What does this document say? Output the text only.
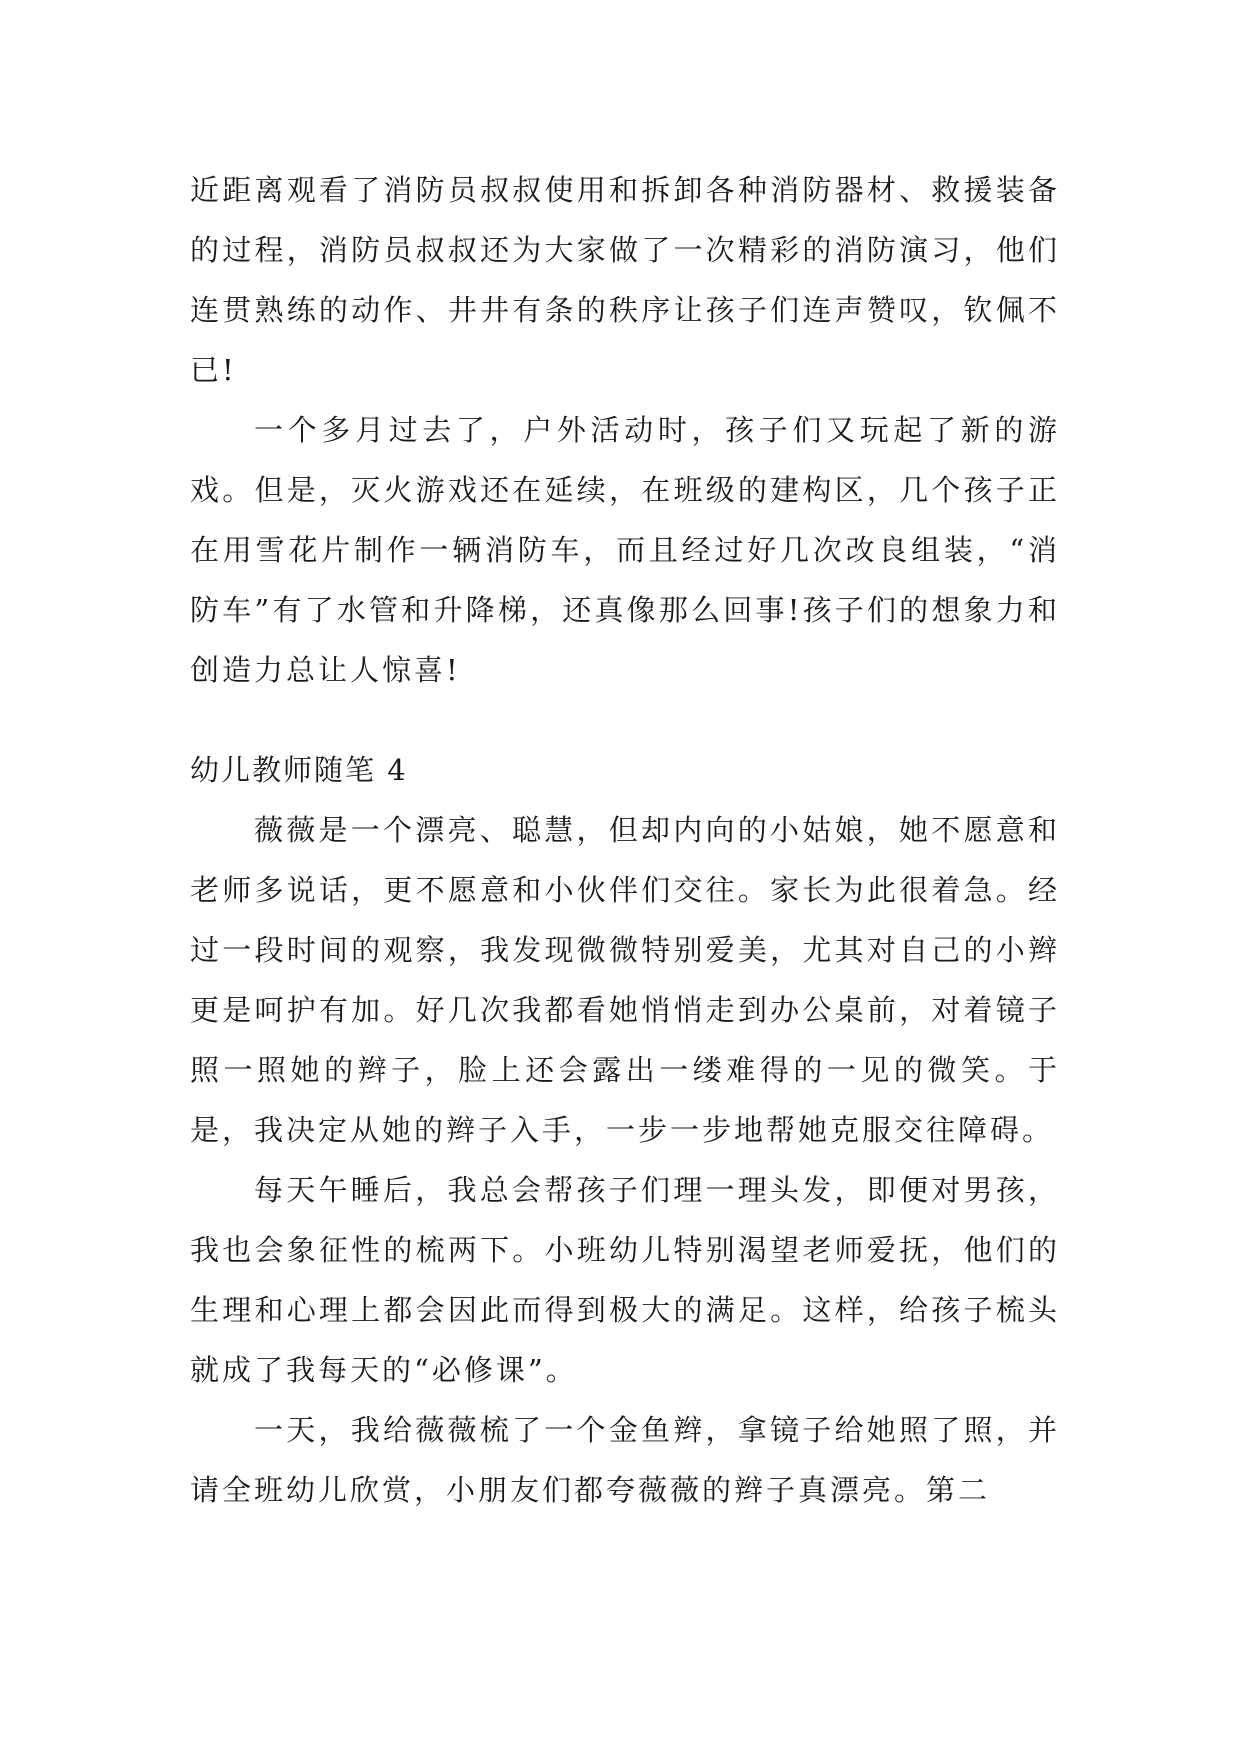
近距离观看了消防员叔叔使用和拆卸各种消防器材、救援装备的过程，消防员叔叔还为大家做了一次精彩的消防演习，他们连贯熟练的动作、井井有条的秩序让孩子们连声赞叹，钦佩不已!

一个多月过去了，户外活动时，孩子们又玩起了新的游戏。但是，灭火游戏还在延续，在班级的建构区，几个孩子正在用雪花片制作一辆消防车，而且经过好几次改良组装，“消防车”有了水管和升降梯，还真像那么回事!孩子们的想象力和创造力总让人惊喜!

幼儿教师随笔 4

薇薇是一个漂亮、聪慧，但却内向的小姑娘，她不愿意和老师多说话，更不愿意和小伙伴们交往。家长为此很着急。经过一段时间的观察，我发现微微特别爱美，尤其对自己的小辫更是呵护有加。好几次我都看她悄悄走到办公桌前，对着镜子照一照她的辫子，脸上还会露出一缕难得的一见的微笑。于是，我决定从她的辫子入手，一步一步地帮她克服交往障碍。

每天午睡后，我总会帮孩子们理一理头发，即便对男孩，我也会象征性的梳两下。小班幼儿特别渴望老师爱抚，他们的生理和心理上都会因此而得到极大的满足。这样，给孩子梳头就成了我每天的“必修课”。

一天，我给薇薇梳了一个金鱼辫，拿镜子给她照了照，并请全班幼儿欣赏，小朋友们都夸薇薇的辫子真漂亮。第二
